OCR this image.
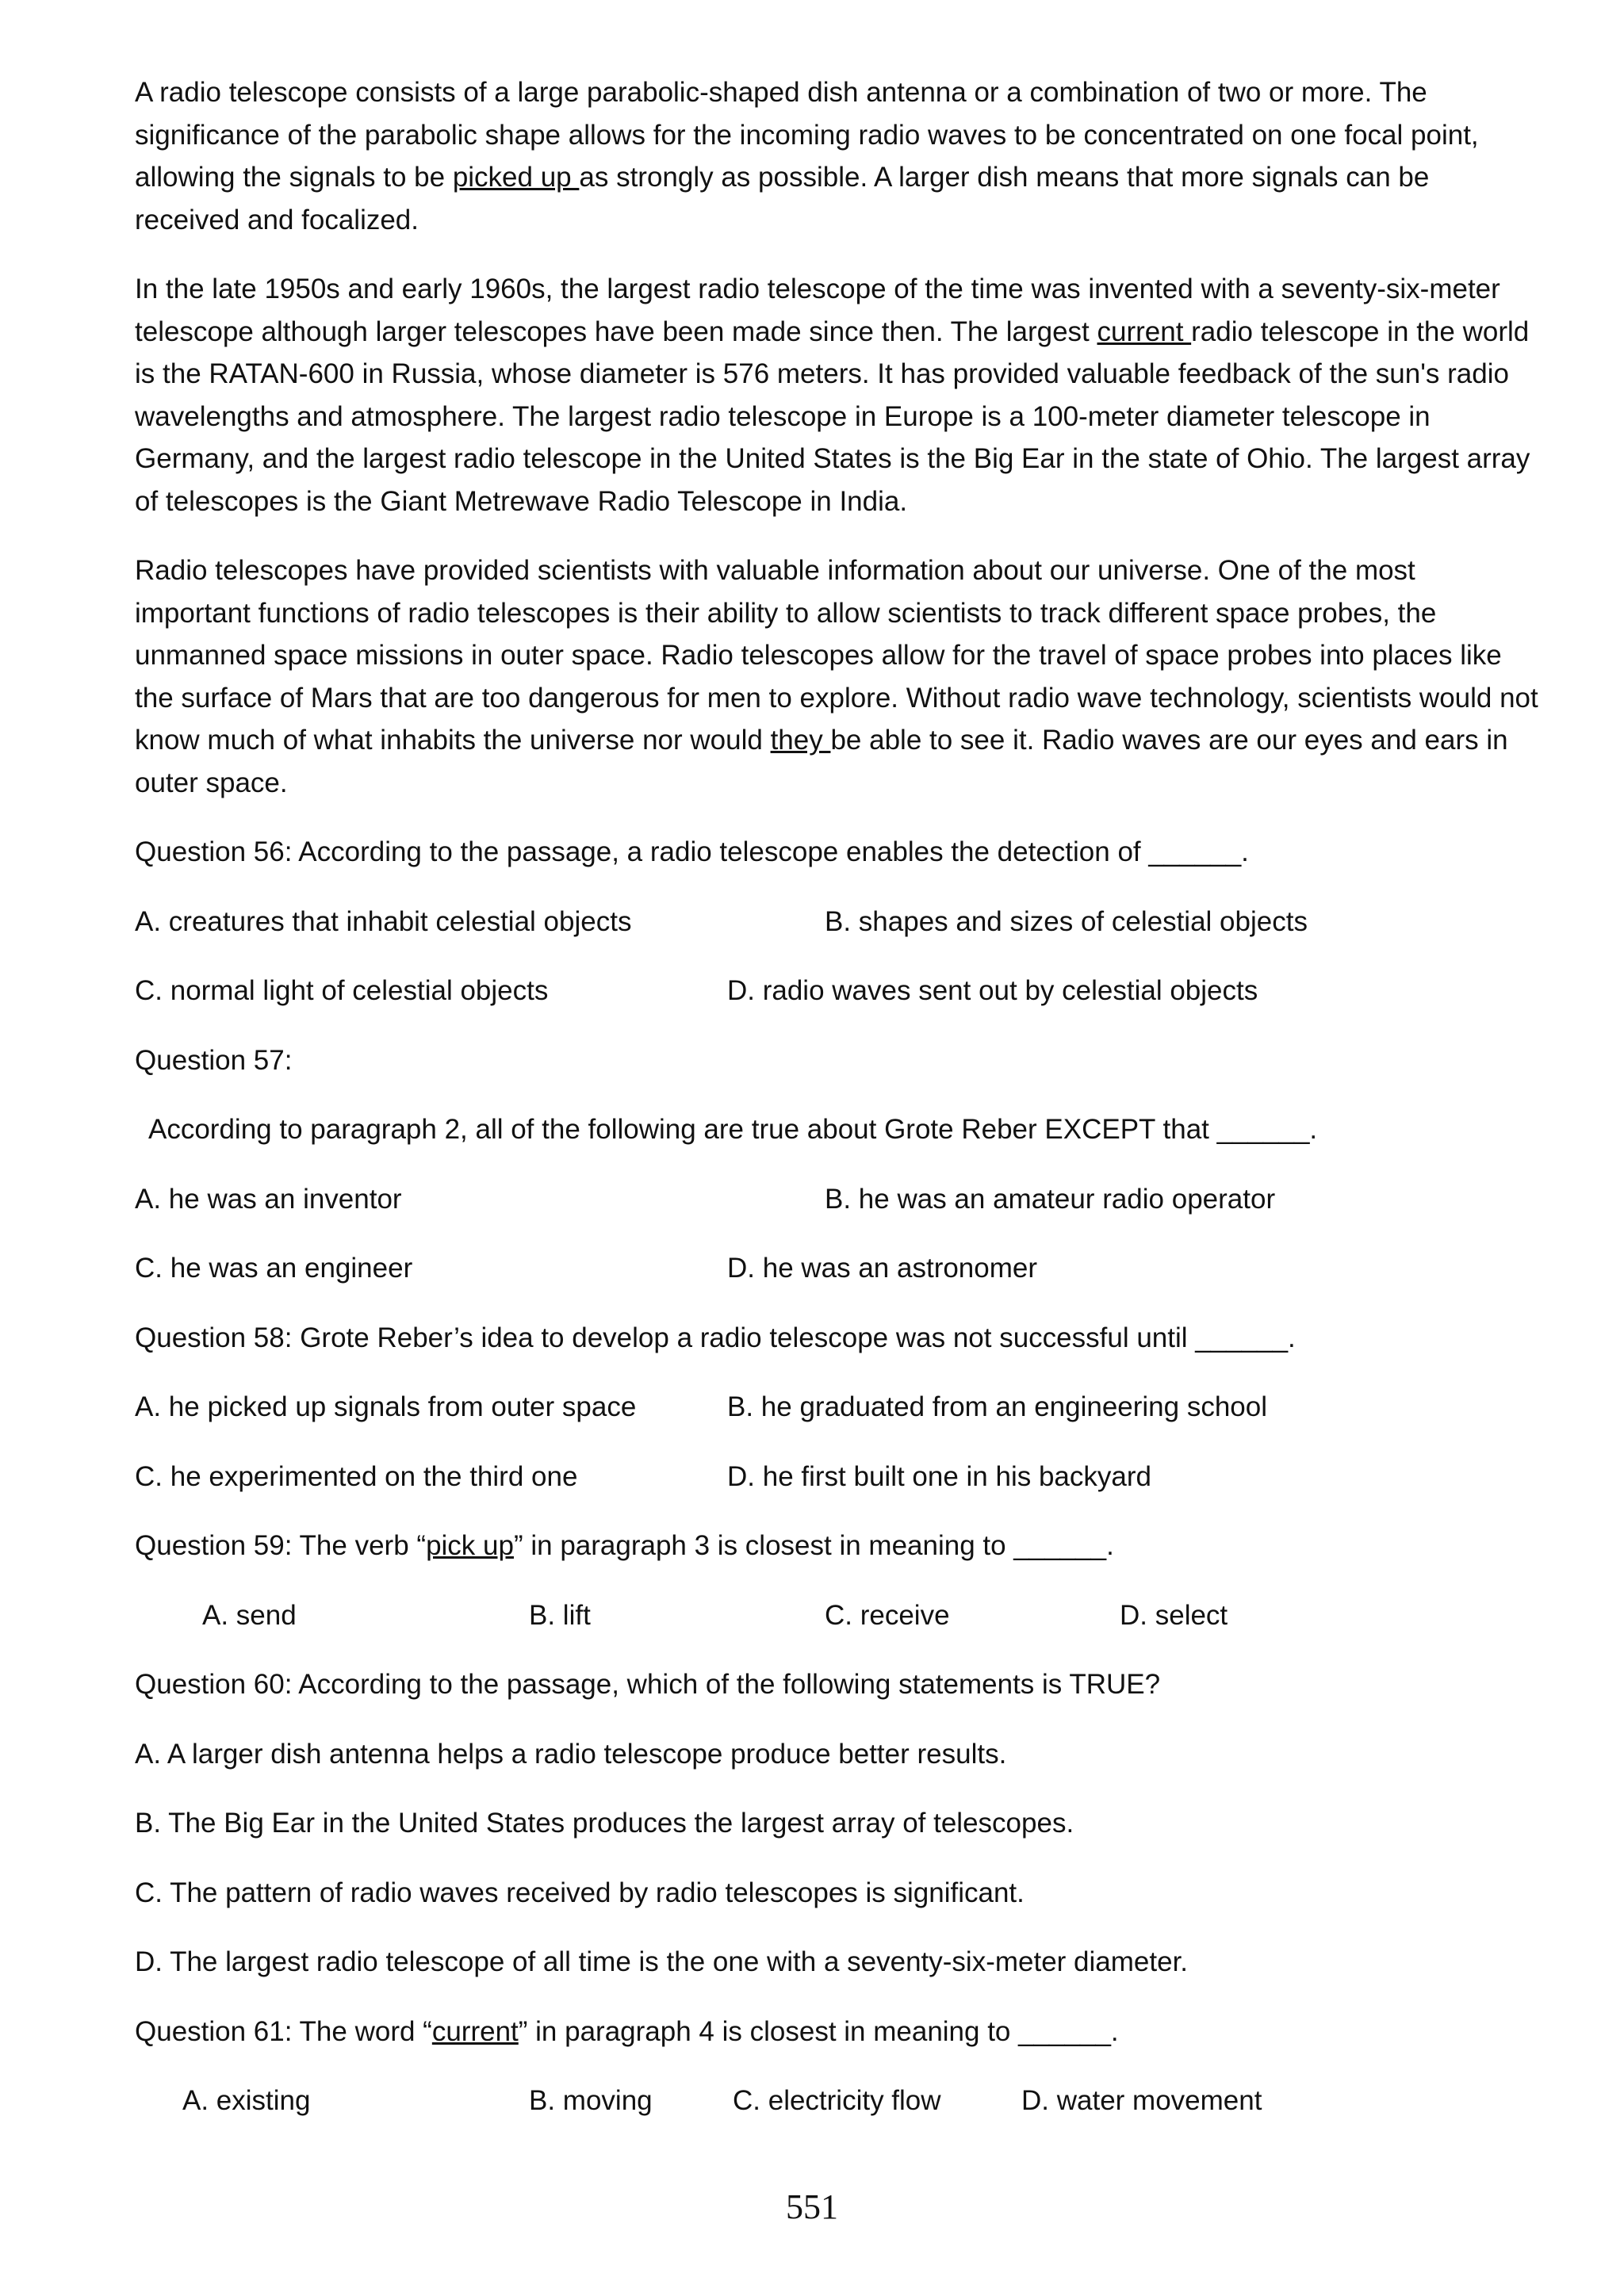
A radio telescope consists of a large parabolic-shaped dish antenna or a combination of two or more. The significance of the parabolic shape allows for the incoming radio waves to be concentrated on one focal point, allowing the signals to be picked up as strongly as possible. A larger dish means that more signals can be received and focalized.

In the late 1950s and early 1960s, the largest radio telescope of the time was invented with a seventy-six-meter telescope although larger telescopes have been made since then. The largest current radio telescope in the world is the RATAN-600 in Russia, whose diameter is 576 meters. It has provided valuable feedback of the sun's radio wavelengths and atmosphere. The largest radio telescope in Europe is a 100-meter diameter telescope in Germany, and the largest radio telescope in the United States is the Big Ear in the state of Ohio. The largest array of telescopes is the Giant Metrewave Radio Telescope in India.

Radio telescopes have provided scientists with valuable information about our universe. One of the most important functions of radio telescopes is their ability to allow scientists to track different space probes, the unmanned space missions in outer space. Radio telescopes allow for the travel of space probes into places like the surface of Mars that are too dangerous for men to explore. Without radio wave technology, scientists would not know much of what inhabits the universe nor would they be able to see it. Radio waves are our eyes and ears in outer space.

Question 56: According to the passage, a radio telescope enables the detection of ______.

A. creatures that inhabit celestial objects	B. shapes and sizes of celestial objects
C. normal light of celestial objects	D. radio waves sent out by celestial objects

Question 57:

According to paragraph 2, all of the following are true about Grote Reber EXCEPT that ______.

A. he was an inventor	B. he was an amateur radio operator
C. he was an engineer	D. he was an astronomer

Question 58: Grote Reber’s idea to develop a radio telescope was not successful until ______.

A. he picked up signals from outer space	B. he graduated from an engineering school
C. he experimented on the third one	D. he first built one in his backyard

Question 59: The verb “pick up” in paragraph 3 is closest in meaning to ______.

A. send	B. lift	C. receive	D. select

Question 60: According to the passage, which of the following statements is TRUE?

A. A larger dish antenna helps a radio telescope produce better results.

B. The Big Ear in the United States produces the largest array of telescopes.

C. The pattern of radio waves received by radio telescopes is significant.

D. The largest radio telescope of all time is the one with a seventy-six-meter diameter.

Question 61: The word “current” in paragraph 4 is closest in meaning to ______.

A. existing	B. moving	C. electricity flow	D. water movement
551
